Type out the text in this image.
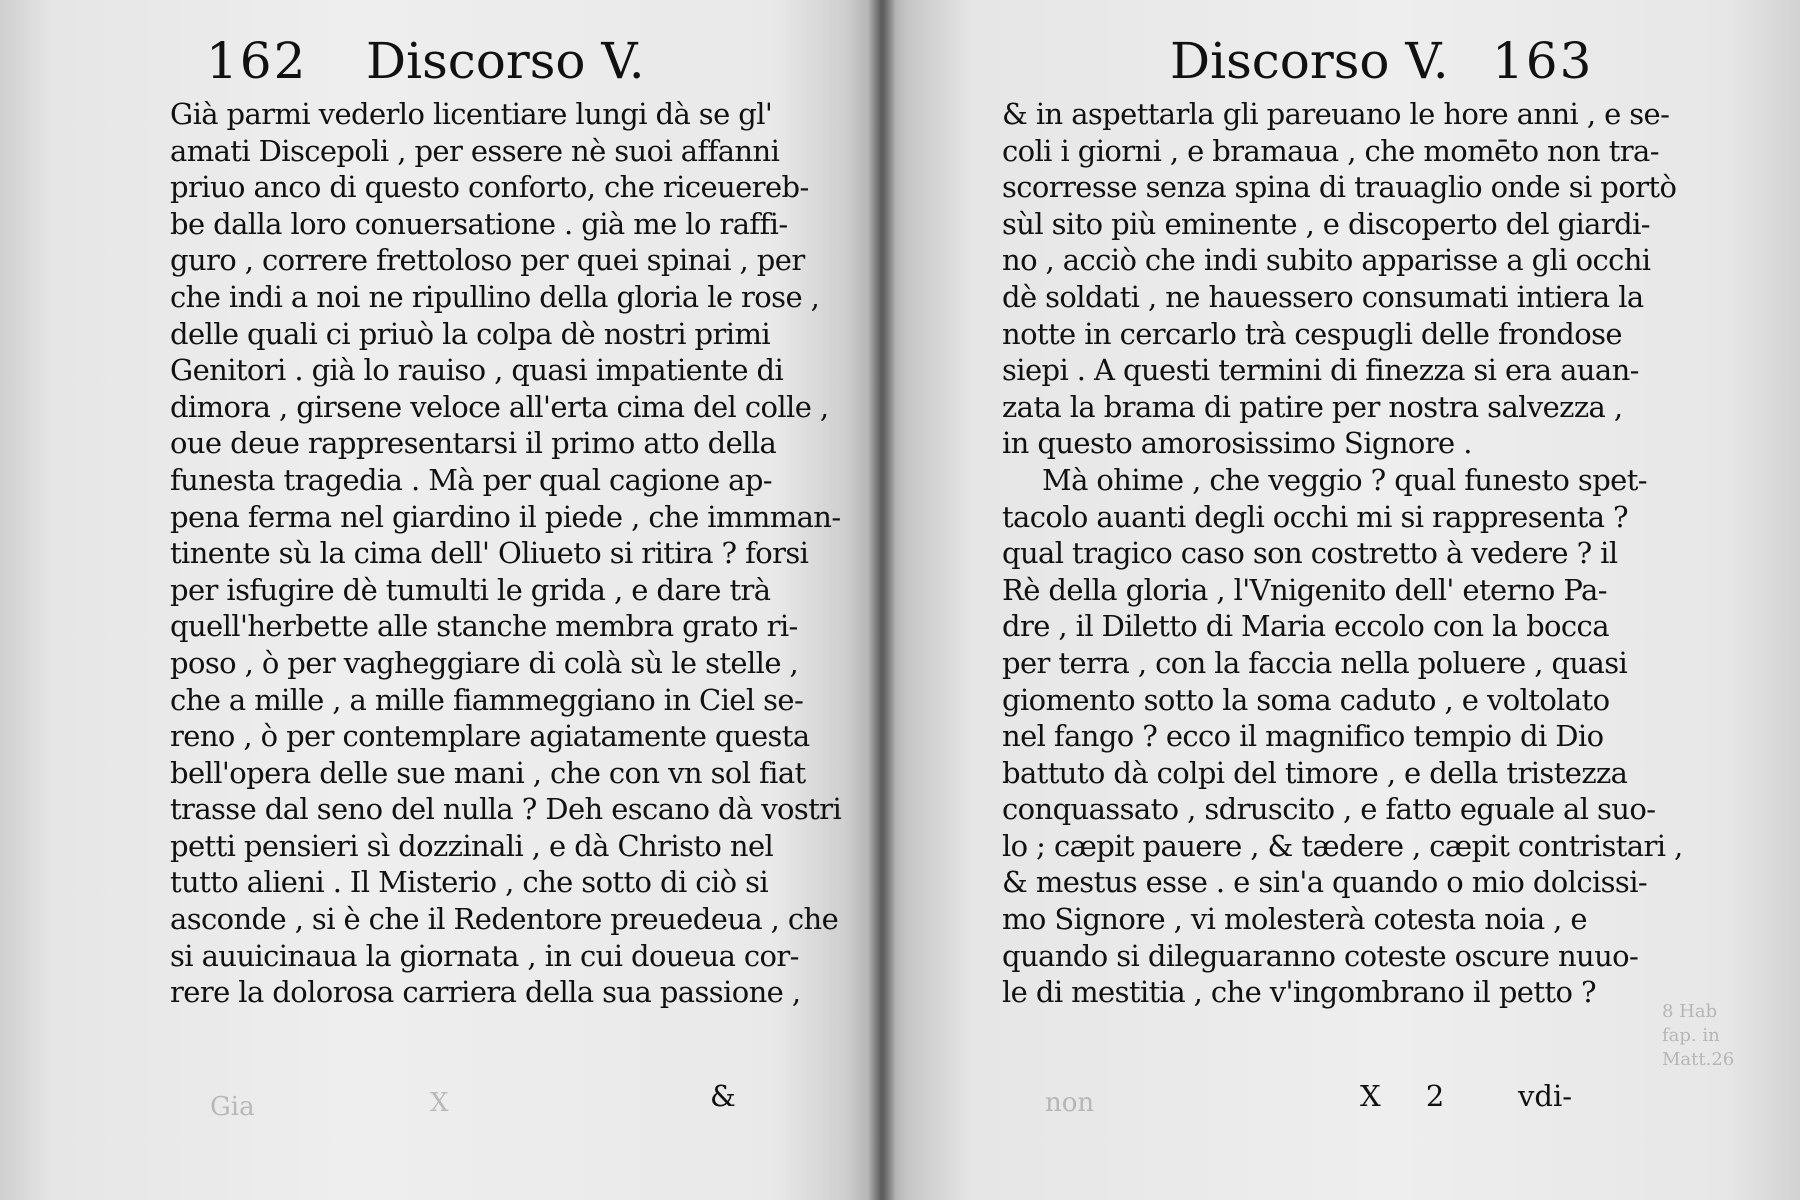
162 Discorso V.
Già parmi vederlo licentiare lungi dà se gl'
amati Discepoli , per essere nè suoi affanni
priuo anco di questo conforto, che riceuereb-
be dalla loro conuersatione . già me lo raffi-
guro , correre frettoloso per quei spinai , per
che indi a noi ne ripullino della gloria le rose ,
delle quali ci priuò la colpa dè nostri primi
Genitori . già lo rauiso , quasi impatiente di
dimora , girsene veloce all'erta cima del colle ,
oue deue rappresentarsi il primo atto della
funesta tragedia . Mà per qual cagione ap-
pena ferma nel giardino il piede , che immman-
tinente sù la cima dell' Oliueto si ritira ? forsi
per isfugire dè tumulti le grida , e dare trà
quell'herbette alle stanche membra grato ri-
poso , ò per vagheggiare di colà sù le stelle ,
che a mille , a mille fiammeggiano in Ciel se-
reno , ò per contemplare agiatamente questa
bell'opera delle sue mani , che con vn sol fiat
trasse dal seno del nulla ? Deh escano dà vostri
petti pensieri sì dozzinali , e dà Christo nel
tutto alieni . Il Misterio , che sotto di ciò si
asconde , si è che il Redentore preuedeua , che
si auuicinaua la giornata , in cui doueua cor-
rere la dolorosa carriera della sua passione ,
&
Gia	X
Discorso V. 163
& in aspettarla gli pareuano le hore anni , e se-
coli i giorni , e bramaua , che momēto non tra-
scorresse senza spina di trauaglio onde si portò
sùl sito più eminente , e discoperto del giardi-
no , acciò che indi subito apparisse a gli occhi
dè soldati , ne hauessero consumati intiera la
notte in cercarlo trà cespugli delle frondose
siepi . A questi termini di finezza si era auan-
zata la brama di patire per nostra salvezza ,
in questo amorosissimo Signore .
Mà ohime , che veggio ? qual funesto spet-
tacolo auanti degli occhi mi si rappresenta ?
qual tragico caso son costretto à vedere ? il
Rè della gloria , l'Vnigenito dell' eterno Pa-
dre , il Diletto di Maria eccolo con la bocca
per terra , con la faccia nella poluere , quasi
giomento sotto la soma caduto , e voltolato
nel fango ? ecco il magnifico tempio di Dio
battuto dà colpi del timore , e della tristezza
conquassato , sdruscito , e fatto eguale al suo-
lo ; cæpit pauere , & tædere , cæpit contristari ,
& mestus esse . e sin'a quando o mio dolcissi-
mo Signore , vi molesterà cotesta noia , e
quando si dileguaranno coteste oscure nuuo-
le di mestitia , che v'ingombrano il petto ?
X 2 vdi-
non
8 Hab
fap. in
Matt.26
